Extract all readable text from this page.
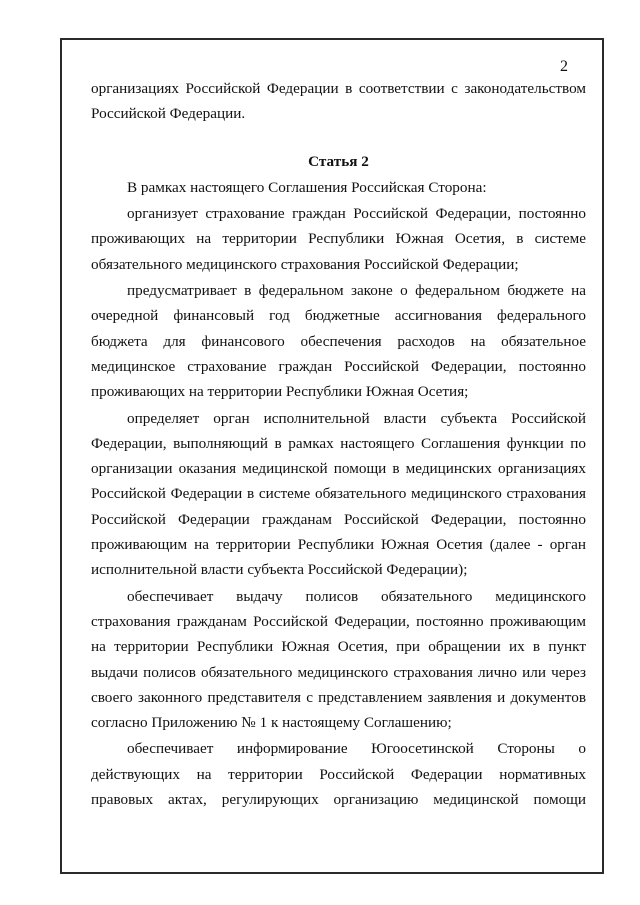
2

организациях Российской Федерации в соответствии с законодательством Российской Федерации.

Статья 2

В рамках настоящего Соглашения Российская Сторона:

организует страхование граждан Российской Федерации, постоянно проживающих на территории Республики Южная Осетия, в системе обязательного медицинского страхования Российской Федерации;

предусматривает в федеральном законе о федеральном бюджете на очередной финансовый год бюджетные ассигнования федерального бюджета для финансового обеспечения расходов на обязательное медицинское страхование граждан Российской Федерации, постоянно проживающих на территории Республики Южная Осетия;

определяет орган исполнительной власти субъекта Российской Федерации, выполняющий в рамках настоящего Соглашения функции по организации оказания медицинской помощи в медицинских организациях Российской Федерации в системе обязательного медицинского страхования Российской Федерации гражданам Российской Федерации, постоянно проживающим на территории Республики Южная Осетия (далее - орган исполнительной власти субъекта Российской Федерации);

обеспечивает выдачу полисов обязательного медицинского страхования гражданам Российской Федерации, постоянно проживающим на территории Республики Южная Осетия, при обращении их в пункт выдачи полисов обязательного медицинского страхования лично или через своего законного представителя с представлением заявления и документов согласно Приложению № 1 к настоящему Соглашению;

обеспечивает информирование Югоосетинской Стороны о действующих на территории Российской Федерации нормативных правовых актах, регулирующих организацию медицинской помощи
